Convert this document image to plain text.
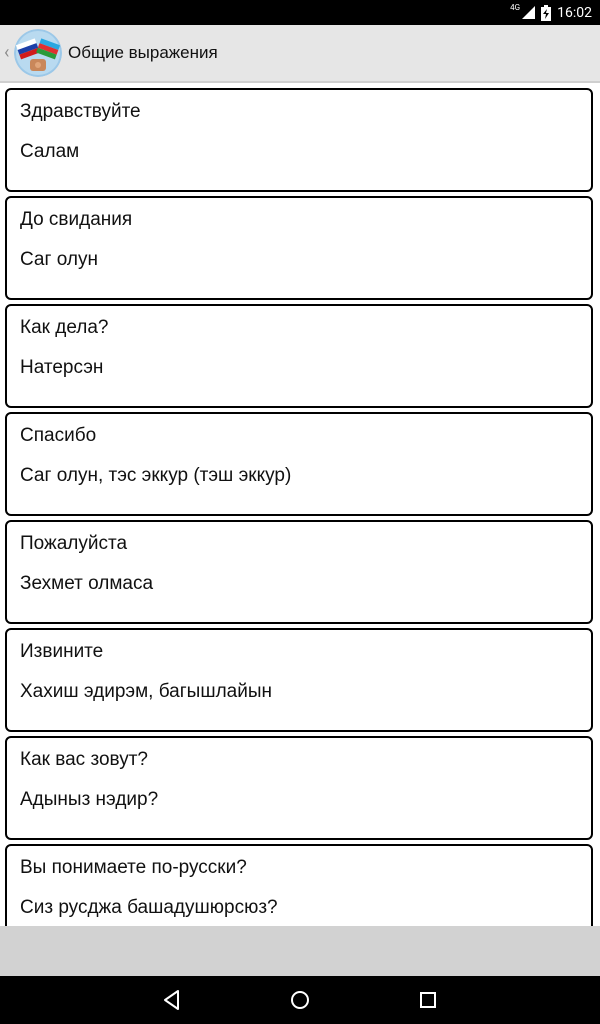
4G	16:02
‹	Общие выражения
Здравствуйте
Салам
До свидания
Саг олун
Как дела?
Натерсэн
Спасибо
Саг олун, тэс эккур (тэш эккур)
Пожалуйста
Зехмет олмаса
Извините
Хахиш эдирэм, багышлайын
Как вас зовут?
Адыныз нэдир?
Вы понимаете по-русски?
Сиз русджа башадушюрсюз?
